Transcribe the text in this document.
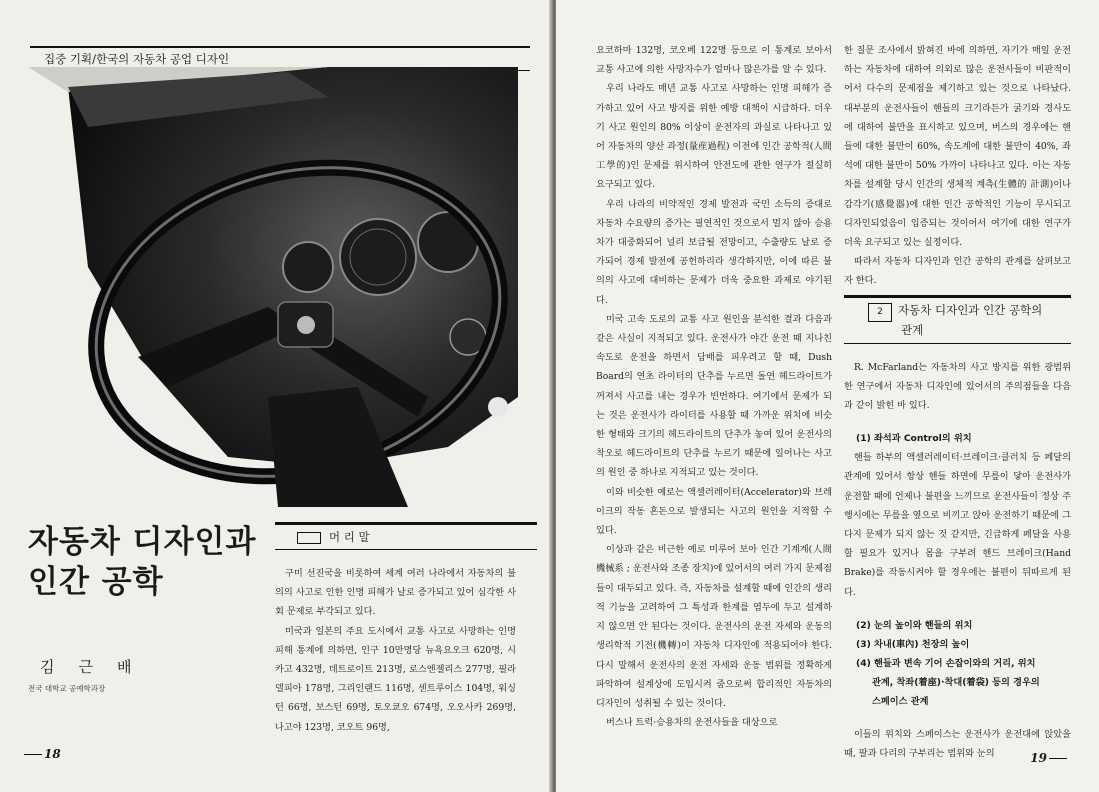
집중 기획/한국의 자동차 공업 디자인
자동차 디자인과
인간 공학
김근배
전국 대학교 공예학과장
머 리 말

구미 선진국을 비롯하여 세계 여러 나라에서 자동차의 불의의 사고로 인한 인명 피해가 날로 증가되고 있어 심각한 사회 문제로 부각되고 있다.

미국과 일본의 주요 도시에서 교통 사고로 사망하는 인명 피해 통계에 의하면, 인구 10만명당 뉴욕요오크 620명, 시카고 432명, 데트로이트 213명, 로스엔젤리스 277명, 필라델피아 178명, 그리인랜드 116명, 센트루이스 104명, 워싱턴 66명, 보스턴 69명, 토오쿄오 674명, 오오사카 269명, 나고야 123명, 코오트 96명,

18

요코하마 132명, 코오베 122명 등으로 이 통계로 보아서 교통 사고에 의한 사망자수가 얼마나 많은가를 알 수 있다.

우리 나라도 매년 교통 사고로 사망하는 인명 피해가 증가하고 있어 사고 방지를 위한 예방 대책이 시급하다. 더우기 사고 원인의 80% 이상이 운전자의 과실로 나타나고 있어 자동차의 양산 과정(量産過程) 이전에 인간 공학적(人間工學的)인 문제를 위시하여 안전도에 관한 연구가 절실히 요구되고 있다.

우리 나라의 비약적인 경제 발전과 국민 소득의 증대로 자동차 수요량의 증가는 필연적인 것으로서 멀지 않아 승용차가 대중화되어 널리 보급될 전망이고, 수출량도 날로 증가되어 경제 발전에 공헌하리라 생각하지만, 이에 따른 불의의 사고에 대비하는 문제가 더욱 중요한 과제로 야기된다.

미국 고속 도로의 교통 사고 원인을 분석한 결과 다음과 같은 사실이 지적되고 있다. 운전사가 야간 운전 때 지나친 속도로 운전을 하면서 담배를 피우려고 할 때, Dush Board의 연초 라이터의 단추를 누르면 돌연 헤드라이트가 꺼져서 사고를 내는 경우가 빈번하다. 여기에서 문제가 되는 것은 운전사가 라이터를 사용할 때 가까운 위치에 비슷한 형태와 크기의 헤드라이트의 단추가 놓여 있어 운전사의 착오로 헤드라이트의 단추를 누르기 때문에 일어나는 사고의 원인 중 하나로 지적되고 있는 것이다.

이와 비슷한 예로는 액셀러레이터(Accelerator)와 브레이크의 작동 혼돈으로 발생되는 사고의 원인을 지적할 수 있다.

이상과 같은 비근한 예로 미루어 보아 인간 기계계(人間機械系 ; 운전사와 조종 장치)에 있어서의 여러 가지 문제점들이 대두되고 있다. 즉, 자동차를 설계할 때에 인간의 생리적 기능을 고려하여 그 특성과 한계를 염두에 두고 설계하지 않으면 안 된다는 것이다. 운전사의 운전 자세와 운동의 생리학적 기전(機轉)이 자동차 디자인에 적용되어야 한다. 다시 말해서 운전사의 운전 자세와 운동 범위를 정확하게 파악하여 설계상에 도입시켜 줌으로써 합리적인 자동차의 디자인이 성취될 수 있는 것이다.

버스나 트럭·승용차의 운전사들을 대상으로

한 질문 조사에서 밝혀진 바에 의하면, 자기가 매일 운전하는 자동차에 대하여 의외로 많은 운전사들이 비판적이어서 다수의 문제점을 제기하고 있는 것으로 나타났다. 대부분의 운전사들이 핸들의 크기라든가 굵기와 경사도에 대하여 불만을 표시하고 있으며, 버스의 경우에는 핸들에 대한 불만이 60%, 속도계에 대한 불만이 40%, 좌석에 대한 불만이 50% 가까이 나타나고 있다. 이는 자동차를 설계할 당시 인간의 생체적 계측(生體的 計測)이나 감각기(感覺器)에 대한 인간 공학적인 기능이 무시되고 디자인되었음이 입증되는 것이어서 여기에 대한 연구가 더욱 요구되고 있는 실정이다.

따라서 자동차 디자인과 인간 공학의 관계를 살펴보고자 한다.

2 자동차 디자인과 인간 공학의
관계

R. McFarland는 자동차의 사고 방지를 위한 광범위한 연구에서 자동차 디자인에 있어서의 주의점들을 다음과 같이 밝힌 바 있다.

(1) 좌석과 Control의 위치

핸들 하부의 액셀러레이터·브레이크·클러치 등 페달의 관계에 있어서 항상 핸들 하면에 무릎이 닿아 운전사가 운전할 때에 언제나 불편을 느끼므로 운전사들이 정상 주행시에는 무릎을 옆으로 비끼고 앉아 운전하기 때문에 그다지 문제가 되지 않는 것 같지만, 긴급하게 페달을 사용할 필요가 있거나 몸을 구부려 핸드 브레이크(Hand Brake)를 작동시켜야 할 경우에는 불편이 뒤따르게 된다.

(2) 눈의 높이와 핸들의 위치
(3) 차내(車內) 천장의 높이
(4) 핸들과 변속 기어 손잡이와의 거리, 위치
관계, 착좌(着座)·착대(着袋) 등의 경우의
스페이스 관계

이들의 위치와 스페이스는 운전사가 운전대에 앉았을 때, 팔과 다리의 구부리는 범위와 눈의	19
